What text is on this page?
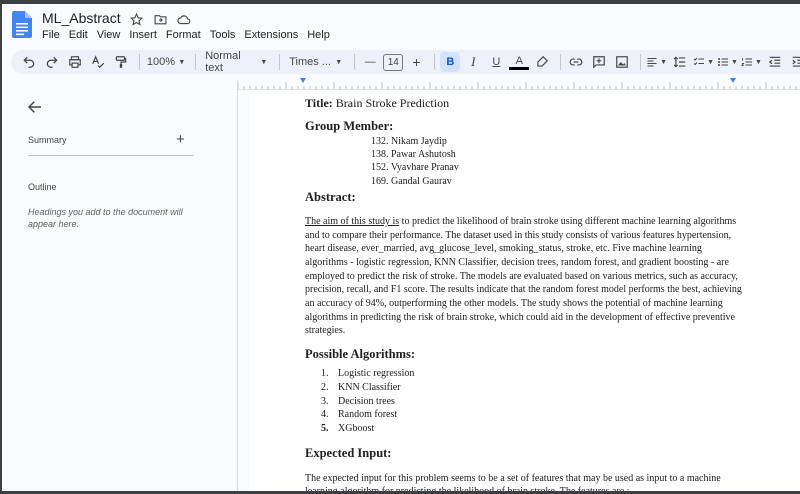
ML_Abstract
File Edit View Insert Format Tools Extensions Help
100% ▼ Normal text	▼ Times ... ▼	—	14 +	B	I	U	A	▼	▼ ▼ ▼
Summary	+
Outline
Headings you add to the document will appear here.
Title: Brain Stroke Prediction
Group Member:
132. Nikam Jaydip
138. Pawar Ashutosh
152. Vyavhare Pranav
169. Gandal Gaurav
Abstract:
The aim of this study is to predict the likelihood of brain stroke using different machine learning algorithms and to compare their performance. The dataset used in this study consists of various features hypertension, heart disease, ever_married, avg_glucose_level, smoking_status, stroke, etc. Five machine learning algorithms - logistic regression, KNN Classifier, decision trees, random forest, and gradient boosting - are employed to predict the risk of stroke. The models are evaluated based on various metrics, such as accuracy, precision, recall, and F1 score. The results indicate that the random forest model performs the best, achieving an accuracy of 94%, outperforming the other models. The study shows the potential of machine learning algorithms in predicting the risk of brain stroke, which could aid in the development of effective preventive strategies.
Possible Algorithms:
1. Logistic regression
2. KNN Classifier
3. Decision trees
4. Random forest
5. XGboost
Expected Input:
The expected input for this problem seems to be a set of features that may be used as input to a machine
